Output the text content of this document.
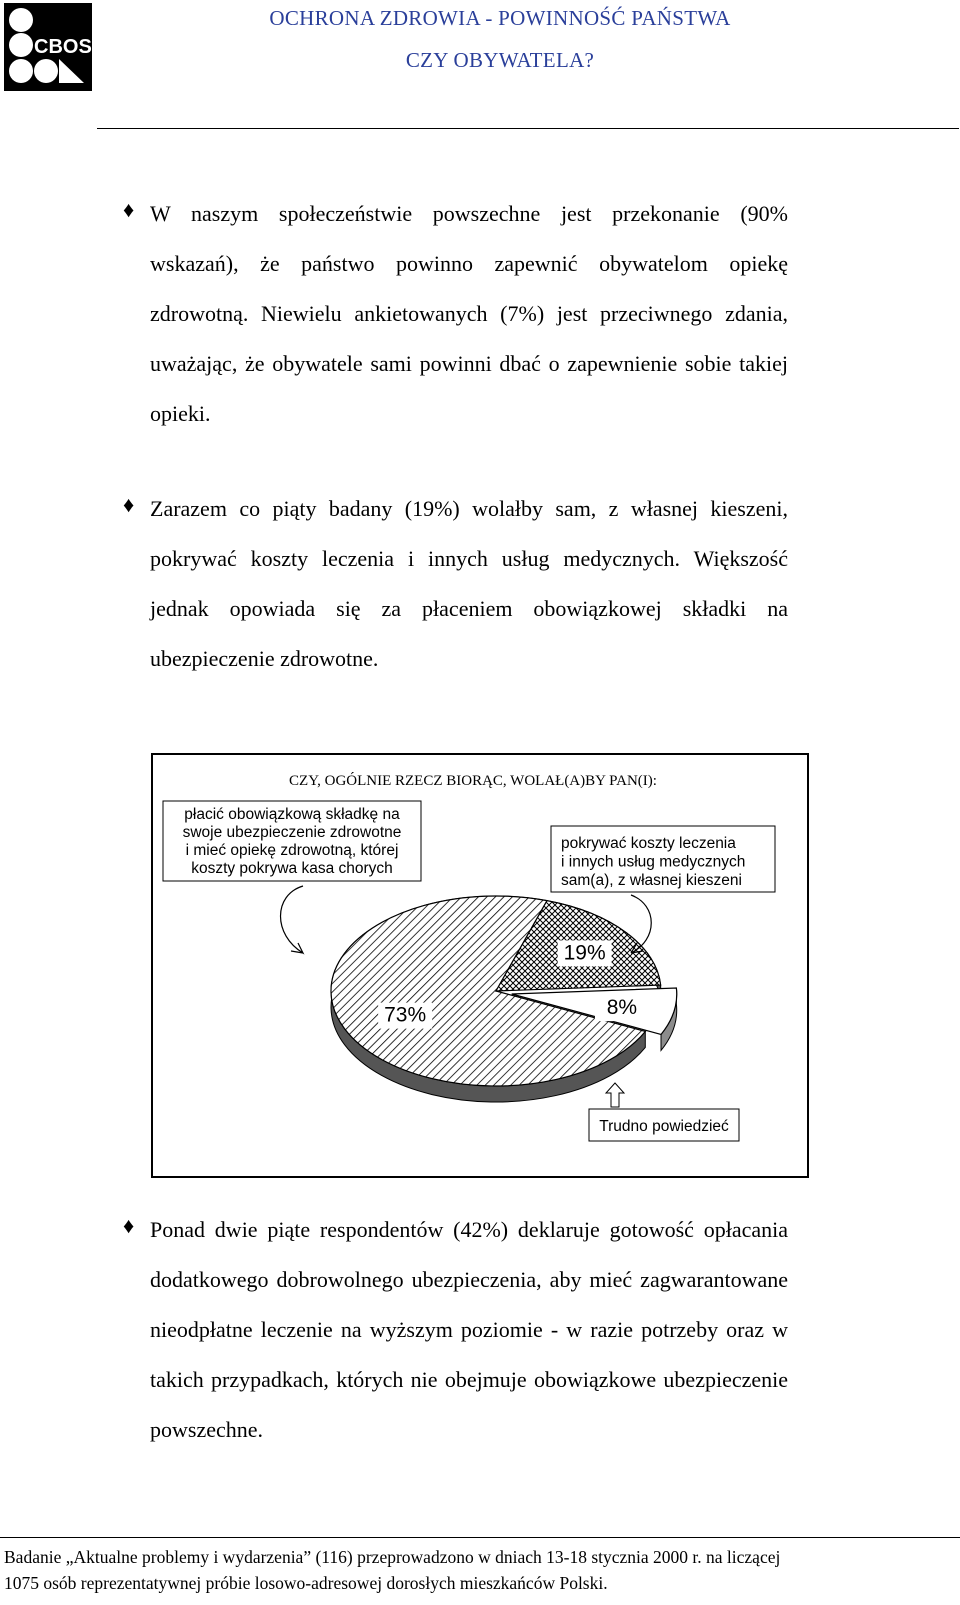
CBOS
OCHRONA ZDROWIA - POWINNOŚĆ PAŃSTWA
CZY OBYWATELA?
♦ W naszym społeczeństwie powszechne jest przekonanie (90% wskazań), że państwo powinno zapewnić obywatelom opiekę zdrowotną. Niewielu ankietowanych (7%) jest przeciwnego zdania, uważając, że obywatele sami powinni dbać o zapewnienie sobie takiej opieki.
♦ Zarazem co piąty badany (19%) wolałby sam, z własnej kieszeni, pokrywać koszty leczenia i innych usług medycznych. Większość jednak opowiada się za płaceniem obowiązkowej składki na ubezpieczenie zdrowotne.
CZY, OGÓLNIE RZECZ BIORĄC, WOLAŁ(A)BY PAN(I):
płacić obowiązkową składkę na
swoje ubezpieczenie zdrowotne
i mieć opiekę zdrowotną, której
koszty pokrywa kasa chorych
pokrywać koszty leczenia
i innych usług medycznych
sam(a), z własnej kieszeni
Trudno powiedzieć
73%
19%
8%
♦ Ponad dwie piąte respondentów (42%) deklaruje gotowość opłacania dodatkowego dobrowolnego ubezpieczenia, aby mieć zagwarantowane nieodpłatne leczenie na wyższym poziomie - w razie potrzeby oraz w takich przypadkach, których nie obejmuje obowiązkowe ubezpieczenie powszechne.
Badanie „Aktualne problemy i wydarzenia” (116) przeprowadzono w dniach 13-18 stycznia 2000 r. na liczącej
1075 osób reprezentatywnej próbie losowo-adresowej dorosłych mieszkańców Polski.
